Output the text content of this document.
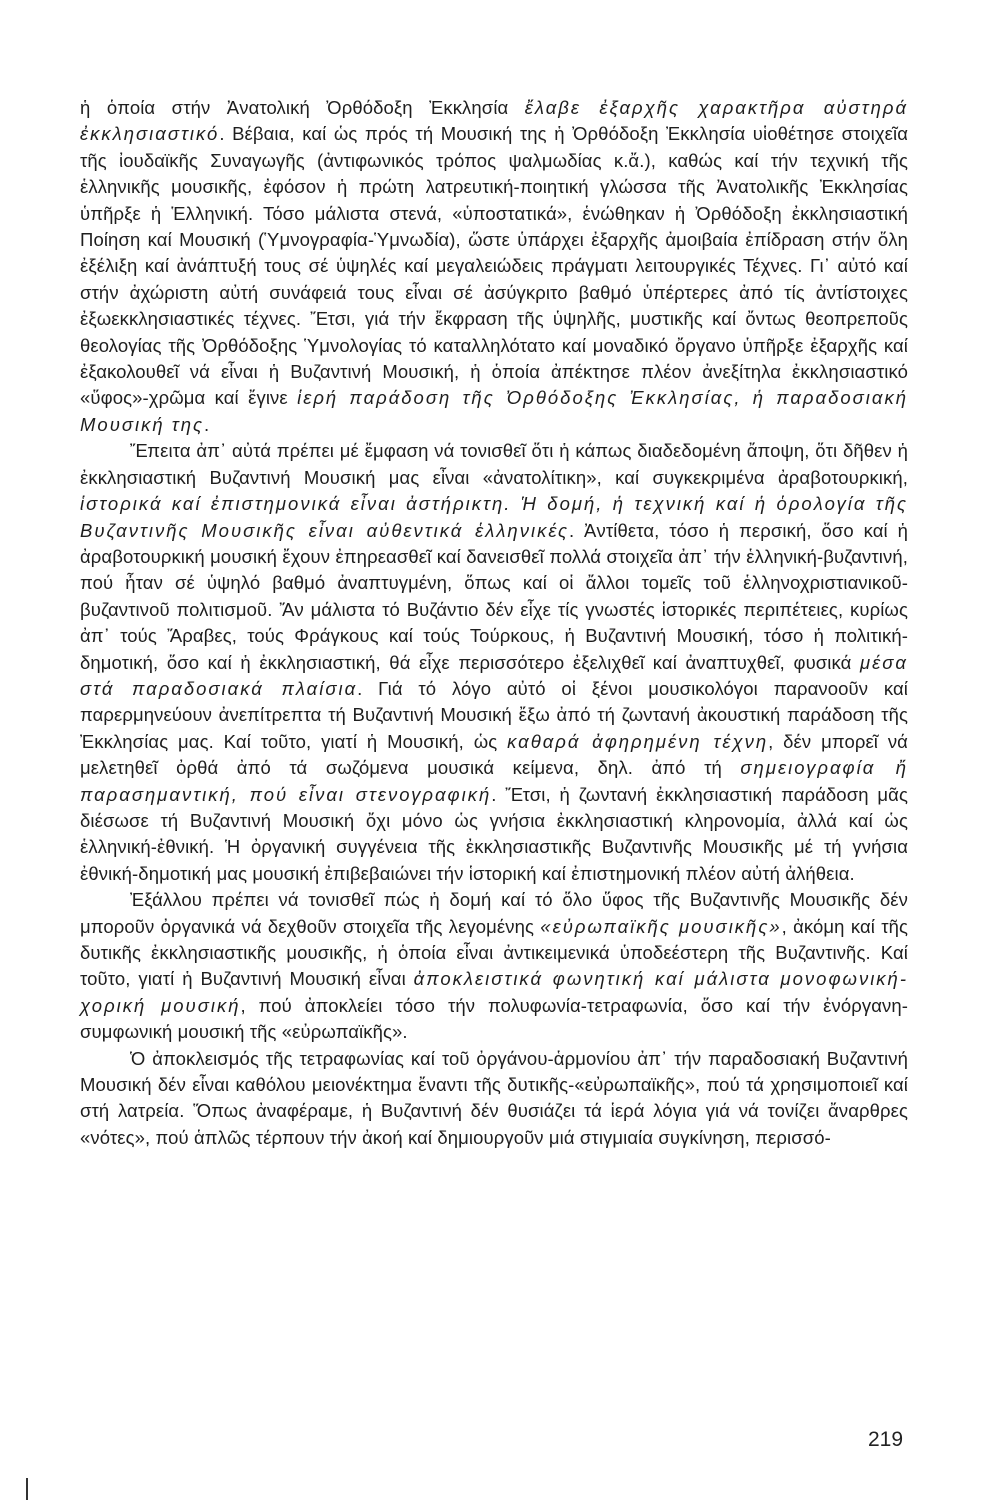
ἡ ὁποία στήν Ἀνατολική Ὀρθόδοξη Ἐκκλησία ἔλαβε ἐξαρχῆς χαρακτῆρα αὐστηρά ἐκκλησιαστικό. Βέβαια, καί ὡς πρός τή Μουσική της ἡ Ὀρθόδοξη Ἐκκλησία υἱοθέτησε στοιχεῖα τῆς ἰουδαϊκῆς Συναγωγῆς (ἀντιφωνικός τρόπος ψαλμωδίας κ.ἄ.), καθώς καί τήν τεχνική τῆς ἑλληνικῆς μουσικῆς, ἐφόσον ἡ πρώτη λατρευτική-ποιητική γλώσσα τῆς Ἀνατολικῆς Ἐκκλησίας ὑπῆρξε ἡ Ἑλληνική. Τόσο μάλιστα στενά, «ὑποστατικά», ἑνώθηκαν ἡ Ὀρθόδοξη ἐκκλησιαστική Ποίηση καί Μουσική (Ὑμνογραφία-Ὑμνωδία), ὥστε ὑπάρχει ἐξαρχῆς ἀμοιβαία ἐπίδραση στήν ὅλη ἐξέλιξη καί ἀνάπτυξή τους σέ ὑψηλές καί μεγαλειώδεις πράγματι λειτουργικές Τέχνες. Γι᾿ αὐτό καί στήν ἀχώριστη αὐτή συνάφειά τους εἶναι σέ ἀσύγκριτο βαθμό ὑπέρτερες ἀπό τίς ἀντίστοιχες ἐξωεκκλησιαστικές τέχνες. Ἔτσι, γιά τήν ἔκφραση τῆς ὑψηλῆς, μυστικῆς καί ὄντως θεοπρεποῦς θεολογίας τῆς Ὀρθόδοξης Ὑμνολογίας τό καταλληλότατο καί μοναδικό ὄργανο ὑπῆρξε ἐξαρχῆς καί ἐξακολουθεῖ νά εἶναι ἡ Βυζαντινή Μουσική, ἡ ὁποία ἀπέκτησε πλέον ἀνεξίτηλα ἐκκλησιαστικό «ὕφος»-χρῶμα καί ἔγινε ἱερή παράδοση τῆς Ὀρθόδοξης Ἐκκλησίας, ἡ παραδοσιακή Μουσική της.

Ἔπειτα ἀπ᾿ αὐτά πρέπει μέ ἔμφαση νά τονισθεῖ ὅτι ἡ κάπως διαδεδομένη ἄποψη, ὅτι δῆθεν ἡ ἐκκλησιαστική Βυζαντινή Μουσική μας εἶναι «ἀνατολίτικη», καί συγκεκριμένα ἀραβοτουρκική, ἱστορικά καί ἐπιστημονικά εἶναι ἀστήρικτη. Ἡ δομή, ἡ τεχνική καί ἡ ὁρολογία τῆς Βυζαντινῆς Μουσικῆς εἶναι αὐθεντικά ἑλληνικές. Ἀντίθετα, τόσο ἡ περσική, ὅσο καί ἡ ἀραβοτουρκική μουσική ἔχουν ἐπηρεασθεῖ καί δανεισθεῖ πολλά στοιχεῖα ἀπ᾿ τήν ἑλληνική-βυζαντινή, πού ἦταν σέ ὑψηλό βαθμό ἀναπτυγμένη, ὅπως καί οἱ ἄλλοι τομεῖς τοῦ ἑλληνοχριστιανικοῦ-βυζαντινοῦ πολιτισμοῦ. Ἄν μάλιστα τό Βυζάντιο δέν εἶχε τίς γνωστές ἱστορικές περιπέτειες, κυρίως ἀπ᾿ τούς Ἄραβες, τούς Φράγκους καί τούς Τούρκους, ἡ Βυζαντινή Μουσική, τόσο ἡ πολιτική-δημοτική, ὅσο καί ἡ ἐκκλησιαστική, θά εἶχε περισσότερο ἐξελιχθεῖ καί ἀναπτυχθεῖ, φυσικά μέσα στά παραδοσιακά πλαίσια. Γιά τό λόγο αὐτό οἱ ξένοι μουσικολόγοι παρανοοῦν καί παρερμηνεύουν ἀνεπίτρεπτα τή Βυζαντινή Μουσική ἔξω ἀπό τή ζωντανή ἀκουστική παράδοση τῆς Ἐκκλησίας μας. Καί τοῦτο, γιατί ἡ Μουσική, ὡς καθαρά ἀφηρημένη τέχνη, δέν μπορεῖ νά μελετηθεῖ ὀρθά ἀπό τά σωζόμενα μουσικά κείμενα, δηλ. ἀπό τή σημειογραφία ἤ παρασημαντική, πού εἶναι στενογραφική. Ἔτσι, ἡ ζωντανή ἐκκλησιαστική παράδοση μᾶς διέσωσε τή Βυζαντινή Μουσική ὄχι μόνο ὡς γνήσια ἐκκλησιαστική κληρονομία, ἀλλά καί ὡς ἑλληνική-ἐθνική. Ἡ ὀργανική συγγένεια τῆς ἐκκλησιαστικῆς Βυζαντινῆς Μουσικῆς μέ τή γνήσια ἐθνική-δημοτική μας μουσική ἐπιβεβαιώνει τήν ἱστορική καί ἐπιστημονική πλέον αὐτή ἀλήθεια.

Ἐξάλλου πρέπει νά τονισθεῖ πώς ἡ δομή καί τό ὅλο ὕφος τῆς Βυζαντινῆς Μουσικῆς δέν μποροῦν ὀργανικά νά δεχθοῦν στοιχεῖα τῆς λεγομένης «εὐρωπαϊκῆς μουσικῆς», ἀκόμη καί τῆς δυτικῆς ἐκκλησιαστικῆς μουσικῆς, ἡ ὁποία εἶναι ἀντικειμενικά ὑποδεέστερη τῆς Βυζαντινῆς. Καί τοῦτο, γιατί ἡ Βυζαντινή Μουσική εἶναι ἀποκλειστικά φωνητική καί μάλιστα μονοφωνική-χορική μουσική, πού ἀποκλείει τόσο τήν πολυφωνία-τετραφωνία, ὅσο καί τήν ἐνόργανη-συμφωνική μουσική τῆς «εὐρωπαϊκῆς».

Ὁ ἀποκλεισμός τῆς τετραφωνίας καί τοῦ ὀργάνου-ἁρμονίου ἀπ᾿ τήν παραδοσιακή Βυζαντινή Μουσική δέν εἶναι καθόλου μειονέκτημα ἔναντι τῆς δυτικῆς-«εὐρωπαϊκῆς», πού τά χρησιμοποιεῖ καί στή λατρεία. Ὅπως ἀναφέραμε, ἡ Βυζαντινή δέν θυσιάζει τά ἱερά λόγια γιά νά τονίζει ἄναρθρες «νότες», πού ἁπλῶς τέρπουν τήν ἀκοή καί δημιουργοῦν μιά στιγμιαία συγκίνηση, περισσό-

219
